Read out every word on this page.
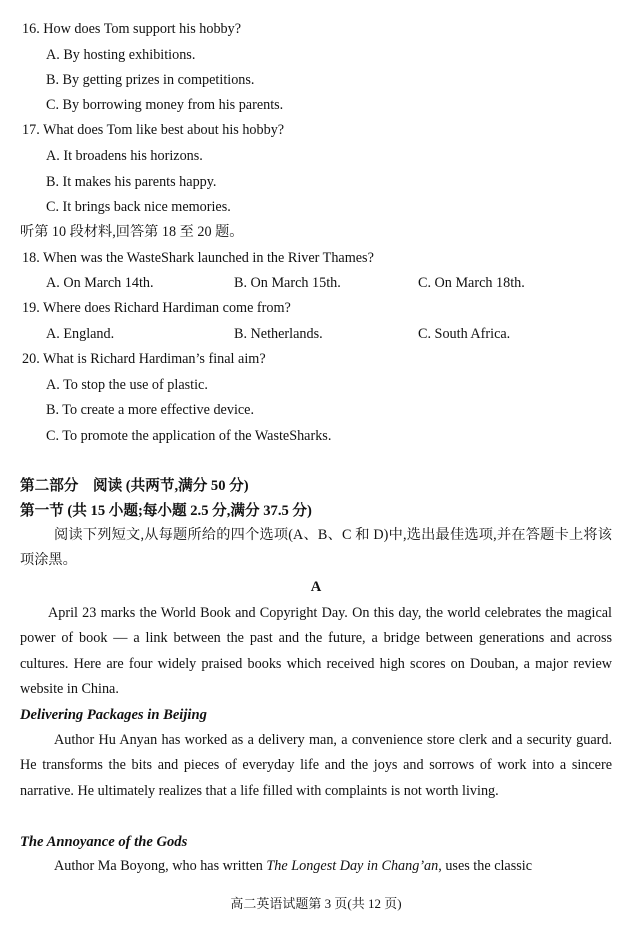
16. How does Tom support his hobby?
A. By hosting exhibitions.
B. By getting prizes in competitions.
C. By borrowing money from his parents.
17. What does Tom like best about his hobby?
A. It broadens his horizons.
B. It makes his parents happy.
C. It brings back nice memories.
听第 10 段材料,回答第 18 至 20 题。
18. When was the WasteShark launched in the River Thames?
A. On March 14th.	B. On March 15th.	C. On March 18th.
19. Where does Richard Hardiman come from?
A. England.	B. Netherlands.	C. South Africa.
20. What is Richard Hardiman’s final aim?
A. To stop the use of plastic.
B. To create a more effective device.
C. To promote the application of the WasteSharks.
第二部分　阅读 (共两节,满分 50 分)
第一节 (共 15 小题;每小题 2.5 分,满分 37.5 分)
阅读下列短文,从每题所给的四个选项(A、B、C 和 D)中,选出最佳选项,并在答题卡上将该项涂黑。
A
April 23 marks the World Book and Copyright Day. On this day, the world celebrates the magical power of book — a link between the past and the future, a bridge between generations and across cultures. Here are four widely praised books which received high scores on Douban, a major review website in China.
Delivering Packages in Beijing
Author Hu Anyan has worked as a delivery man, a convenience store clerk and a security guard. He transforms the bits and pieces of everyday life and the joys and sorrows of work into a sincere narrative. He ultimately realizes that a life filled with complaints is not worth living.
The Annoyance of the Gods
Author Ma Boyong, who has written The Longest Day in Chang’an, uses the classic
高二英语试题第 3 页(共 12 页)
